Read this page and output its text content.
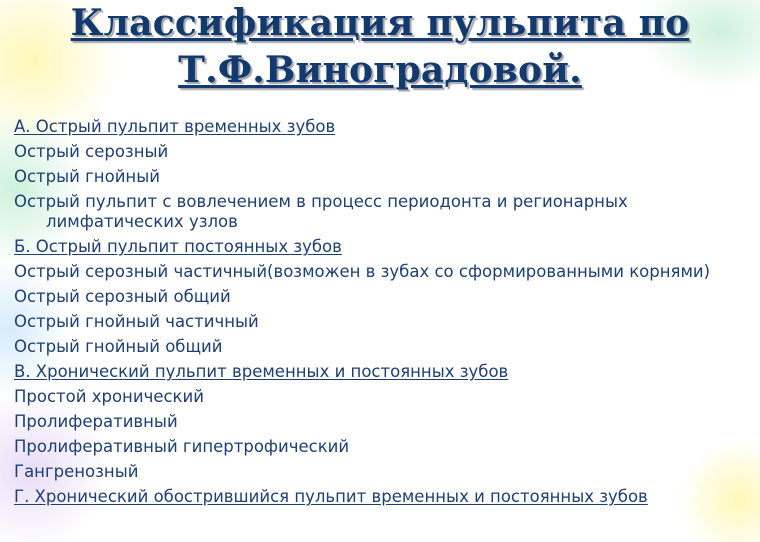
Классификация пульпита по
Т.Ф.Виноградовой.
А. Острый пульпит временных зубов
Острый серозный
Острый гнойный
Острый пульпит с вовлечением в процесс периодонта и регионарных лимфатических узлов
Б. Острый пульпит постоянных зубов
Острый серозный частичный(возможен в зубах со сформированными корнями)
Острый серозный общий
Острый гнойный частичный
Острый гнойный общий
В. Хронический пульпит временных и постоянных зубов
Простой хронический
Пролиферативный
Пролиферативный гипертрофический
Гангренозный
Г. Хронический обострившийся пульпит временных и постоянных зубов
